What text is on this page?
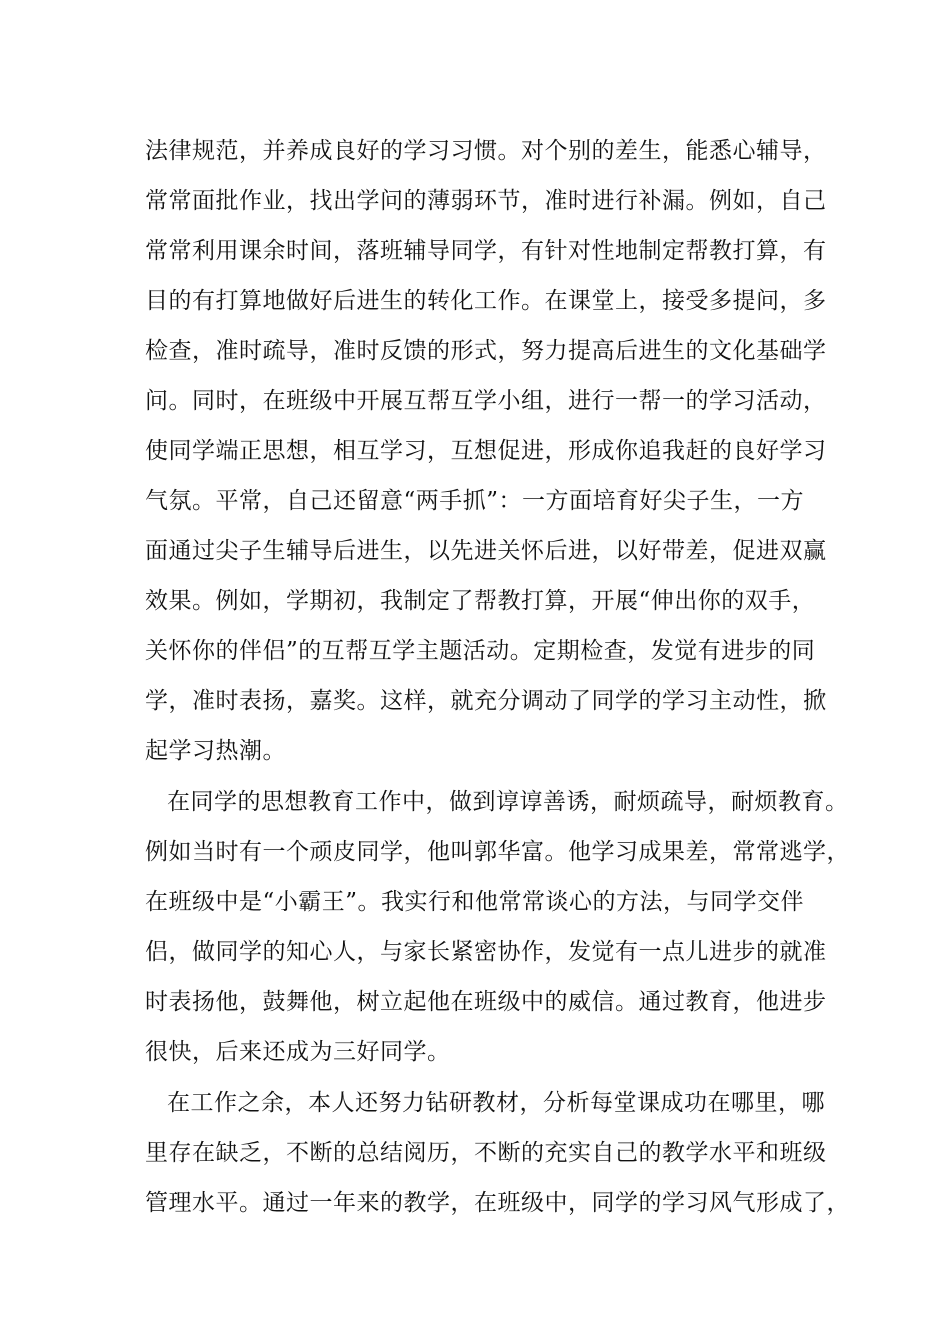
法律规范，并养成良好的学习习惯。对个别的差生，能悉心辅导，
常常面批作业，找出学问的薄弱环节，准时进行补漏。例如，自己
常常利用课余时间，落班辅导同学，有针对性地制定帮教打算，有
目的有打算地做好后进生的转化工作。在课堂上，接受多提问，多
检查，准时疏导，准时反馈的形式，努力提高后进生的文化基础学
问。同时，在班级中开展互帮互学小组，进行一帮一的学习活动，
使同学端正思想，相互学习，互想促进，形成你追我赶的良好学习
气氛。平常，自己还留意“两手抓”：一方面培育好尖子生，一方
面通过尖子生辅导后进生，以先进关怀后进，以好带差，促进双赢
效果。例如，学期初，我制定了帮教打算，开展“伸出你的双手，
关怀你的伴侣”的互帮互学主题活动。定期检查，发觉有进步的同
学，准时表扬，嘉奖。这样，就充分调动了同学的学习主动性，掀
起学习热潮。
在同学的思想教育工作中，做到谆谆善诱，耐烦疏导，耐烦教育。
例如当时有一个顽皮同学，他叫郭华富。他学习成果差，常常逃学，
在班级中是“小霸王”。我实行和他常常谈心的方法，与同学交伴
侣，做同学的知心人，与家长紧密协作，发觉有一点儿进步的就准
时表扬他，鼓舞他，树立起他在班级中的威信。通过教育，他进步
很快，后来还成为三好同学。
在工作之余，本人还努力钻研教材，分析每堂课成功在哪里，哪
里存在缺乏，不断的总结阅历，不断的充实自己的教学水平和班级
管理水平。通过一年来的教学，在班级中，同学的学习风气形成了，
